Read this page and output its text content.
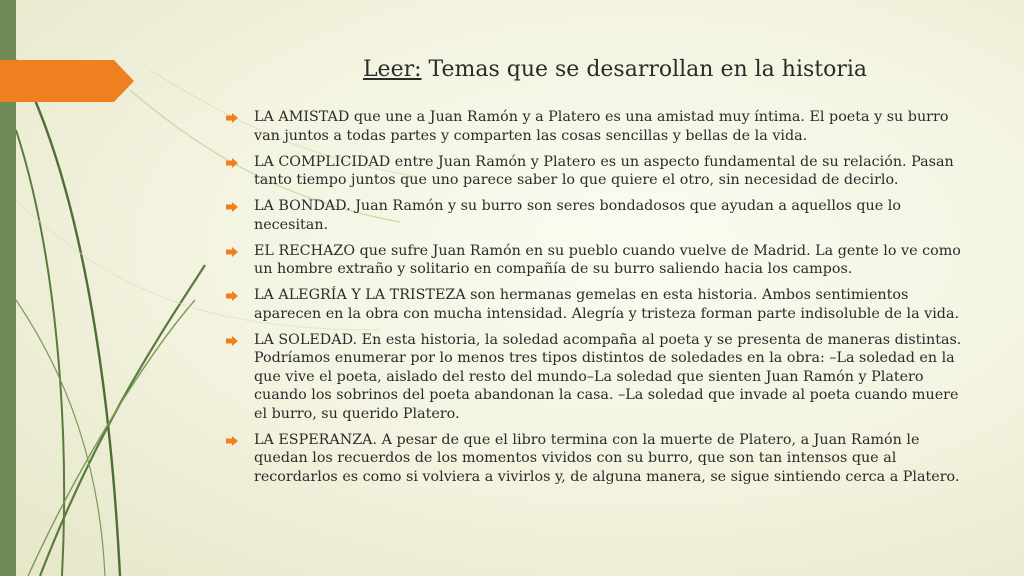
Leer: Temas que se desarrollan en la historia
LA AMISTAD que une a Juan Ramón y a Platero es una amistad muy íntima. El poeta y su burro van juntos a todas partes y comparten las cosas sencillas y bellas de la vida.
LA COMPLICIDAD entre Juan Ramón y Platero es un aspecto fundamental de su relación. Pasan tanto tiempo juntos que uno parece saber lo que quiere el otro, sin necesidad de decirlo.
LA BONDAD. Juan Ramón y su burro son seres bondadosos que ayudan a aquellos que lo necesitan.
EL RECHAZO que sufre Juan Ramón en su pueblo cuando vuelve de Madrid. La gente lo ve como un hombre extraño y solitario en compañía de su burro saliendo hacia los campos.
LA ALEGRÍA Y LA TRISTEZA son hermanas gemelas en esta historia. Ambos sentimientos aparecen en la obra con mucha intensidad. Alegría y tristeza forman parte indisoluble de la vida.
LA SOLEDAD. En esta historia, la soledad acompaña al poeta y se presenta de maneras distintas. Podríamos enumerar por lo menos tres tipos distintos de soledades en la obra: –La soledad en la que vive el poeta, aislado del resto del mundo–La soledad que sienten Juan Ramón y Platero cuando los sobrinos del poeta abandonan la casa. –La soledad que invade al poeta cuando muere el burro, su querido Platero.
LA ESPERANZA. A pesar de que el libro termina con la muerte de Platero, a Juan Ramón le quedan los recuerdos de los momentos vividos con su burro, que son tan intensos que al recordarlos es como si volviera a vivirlos y, de alguna manera, se sigue sintiendo cerca a Platero.
